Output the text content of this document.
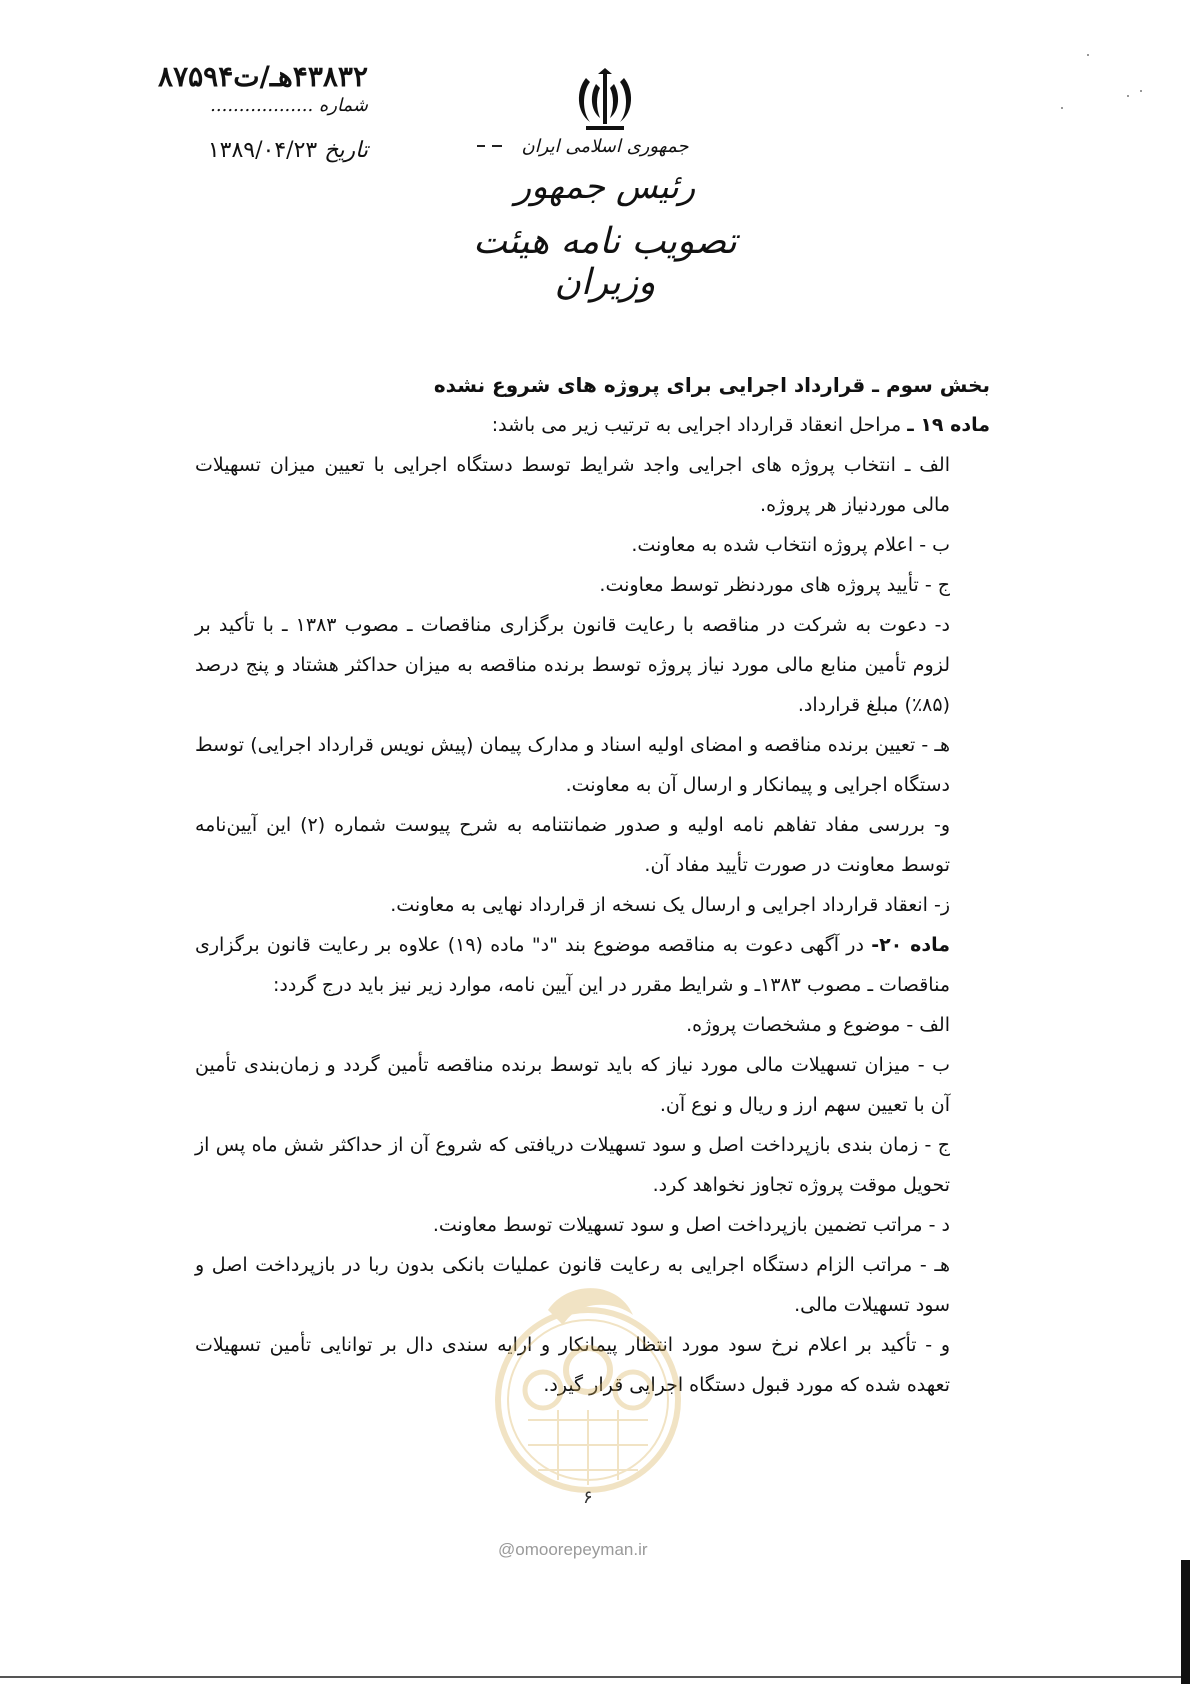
۴۳۸۳۲هـ/ت۸۷۵۹۴
شماره ..................
تاریخ ۱۳۸۹/۰۴/۲۳	جمهوری اسلامی ایران
رئیس جمهور
تصویب نامه هیئت وزیران

بخش سوم ـ قرارداد اجرایی برای پروژه های شروع نشده

ماده ۱۹ ـ مراحل انعقاد قرارداد اجرایی به ترتیب زیر می باشد:

الف ـ انتخاب پروژه های اجرایی واجد شرایط توسط دستگاه اجرایی با تعیین میزان تسهیلات مالی موردنیاز هر پروژه.

ب - اعلام پروژه انتخاب شده به معاونت.

ج - تأیید پروژه های موردنظر توسط معاونت.

د- دعوت به شرکت در مناقصه با رعایت قانون برگزاری مناقصات ـ مصوب ۱۳۸۳ ـ با تأکید بر لزوم تأمین منابع مالی مورد نیاز پروژه توسط برنده مناقصه به میزان حداکثر هشتاد و پنج درصد (۸۵٪) مبلغ قرارداد.

هـ - تعیین برنده مناقصه و امضای اولیه اسناد و مدارک پیمان (پیش نویس قرارداد اجرایی) توسط دستگاه اجرایی و پیمانکار و ارسال آن به معاونت.

و- بررسی مفاد تفاهم نامه اولیه و صدور ضمانتنامه به شرح پیوست شماره (۲) این آیین‌نامه توسط معاونت در صورت تأیید مفاد آن.

ز- انعقاد قرارداد اجرایی و ارسال یک نسخه از قرارداد نهایی به معاونت.

ماده ۲۰- در آگهی دعوت به مناقصه موضوع بند "د" ماده (۱۹) علاوه بر رعایت قانون برگزاری مناقصات ـ مصوب ۱۳۸۳ـ و شرایط مقرر در این آیین نامه، موارد زیر نیز باید درج گردد:

الف - موضوع و مشخصات پروژه.

ب - میزان تسهیلات مالی مورد نیاز که باید توسط برنده مناقصه تأمین گردد و زمان‌بندی تأمین آن با تعیین سهم ارز و ریال و نوع آن.

ج - زمان بندی بازپرداخت اصل و سود تسهیلات دریافتی که شروع آن از حداکثر شش ماه پس از تحویل موقت پروژه تجاوز نخواهد کرد.

د - مراتب تضمین بازپرداخت اصل و سود تسهیلات توسط معاونت.

هـ - مراتب الزام دستگاه اجرایی به رعایت قانون عملیات بانکی بدون ربا در بازپرداخت اصل و سود تسهیلات مالی.

و - تأکید بر اعلام نرخ سود مورد انتظار پیمانکار و ارایه سندی دال بر توانایی تأمین تسهیلات تعهده شده که مورد قبول دستگاه اجرایی قرار گیرد.

۶
@omoorepeyman.ir
